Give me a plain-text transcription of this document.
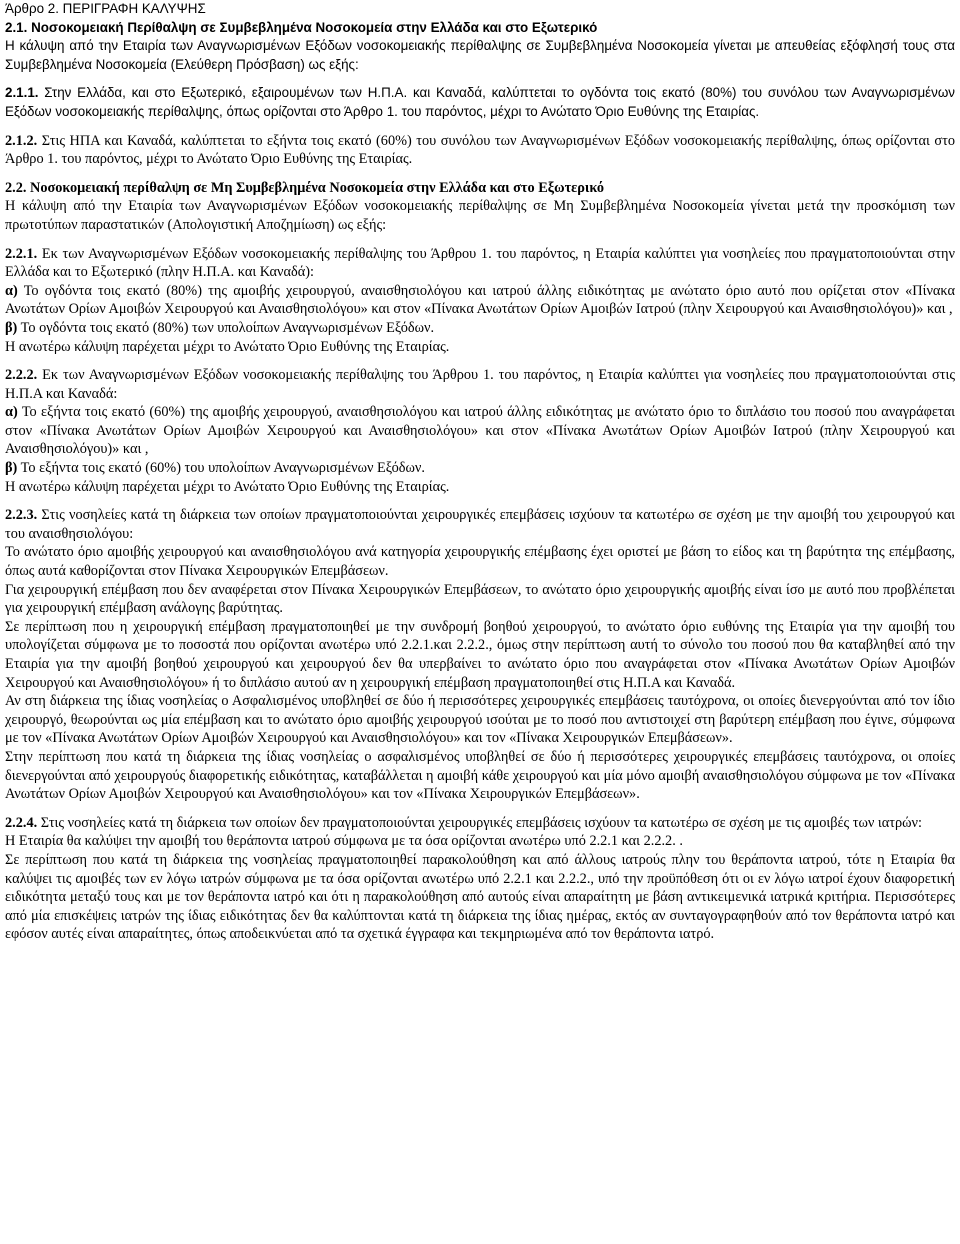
Άρθρο 2. ΠΕΡΙΓΡΑΦΗ ΚΑΛΥΨΗΣ

2.1. Νοσοκομειακή Περίθαλψη σε Συμβεβλημένα Νοσοκομεία στην Ελλάδα και στο Εξωτερικό

Η κάλυψη από την Εταιρία των Αναγνωρισμένων Εξόδων νοσοκομειακής περίθαλψης σε Συμβεβλημένα Νοσοκομεία γίνεται με απευθείας εξόφλησή τους στα Συμβεβλημένα Νοσοκομεία (Ελεύθερη Πρόσβαση) ως εξής:

2.1.1. Στην Ελλάδα, και στο Εξωτερικό, εξαιρουμένων των Η.Π.Α. και Καναδά, καλύπτεται το ογδόντα τοις εκατό (80%) του συνόλου των Αναγνωρισμένων Εξόδων νοσοκομειακής περίθαλψης, όπως ορίζονται στο Άρθρο 1. του παρόντος, μέχρι το Ανώτατο Όριο Ευθύνης της Εταιρίας.

2.1.2. Στις ΗΠΑ και Καναδά, καλύπτεται το εξήντα τοις εκατό (60%) του συνόλου των Αναγνωρισμένων Εξόδων νοσοκομειακής περίθαλψης, όπως ορίζονται στο Άρθρο 1. του παρόντος, μέχρι το Ανώτατο Όριο Ευθύνης της Εταιρίας.

2.2. Νοσοκομειακή περίθαλψη σε Μη Συμβεβλημένα Νοσοκομεία στην Ελλάδα και στο Εξωτερικό

Η κάλυψη από την Εταιρία των Αναγνωρισμένων Εξόδων νοσοκομειακής περίθαλψης σε Μη Συμβεβλημένα Νοσοκομεία γίνεται μετά την προσκόμιση των πρωτοτύπων παραστατικών (Απολογιστική Αποζημίωση) ως εξής:

2.2.1. Εκ των Αναγνωρισμένων Εξόδων νοσοκομειακής περίθαλψης του Άρθρου 1. του παρόντος, η Εταιρία καλύπτει για νοσηλείες που πραγματοποιούνται στην Ελλάδα και το Εξωτερικό (πλην Η.Π.Α. και Καναδά):

α) Το ογδόντα τοις εκατό (80%) της αμοιβής χειρουργού, αναισθησιολόγου και ιατρού άλλης ειδικότητας με ανώτατο όριο αυτό που ορίζεται στον «Πίνακα Ανωτάτων Ορίων Αμοιβών Χειρουργού και Αναισθησιολόγου» και στον «Πίνακα Ανωτάτων Ορίων Αμοιβών Ιατρού (πλην Χειρουργού και Αναισθησιολόγου)» και ,

β) Το ογδόντα τοις εκατό (80%) των υπολοίπων Αναγνωρισμένων Εξόδων.

Η ανωτέρω κάλυψη παρέχεται μέχρι το Ανώτατο Όριο Ευθύνης της Εταιρίας.

2.2.2. Εκ των Αναγνωρισμένων Εξόδων νοσοκομειακής περίθαλψης του Άρθρου 1. του παρόντος, η Εταιρία καλύπτει για νοσηλείες που πραγματοποιούνται στις Η.Π.Α και Καναδά:

α) Το εξήντα τοις εκατό (60%) της αμοιβής χειρουργού, αναισθησιολόγου και ιατρού άλλης ειδικότητας με ανώτατο όριο το διπλάσιο του ποσού που αναγράφεται στον «Πίνακα Ανωτάτων Ορίων Αμοιβών Χειρουργού και Αναισθησιολόγου» και στον «Πίνακα Ανωτάτων Ορίων Αμοιβών Ιατρού (πλην Χειρουργού και Αναισθησιολόγου)» και ,

β) Το εξήντα τοις εκατό (60%) του υπολοίπων Αναγνωρισμένων Εξόδων.

Η ανωτέρω κάλυψη παρέχεται μέχρι το Ανώτατο Όριο Ευθύνης της Εταιρίας.

2.2.3. Στις νοσηλείες κατά τη διάρκεια των οποίων πραγματοποιούνται χειρουργικές επεμβάσεις ισχύουν τα κατωτέρω σε σχέση με την αμοιβή του χειρουργού και του αναισθησιολόγου:

Το ανώτατο όριο αμοιβής χειρουργού και αναισθησιολόγου ανά κατηγορία χειρουργικής επέμβασης έχει οριστεί με βάση το είδος και τη βαρύτητα της επέμβασης, όπως αυτά καθορίζονται στον Πίνακα Χειρουργικών Επεμβάσεων.

Για χειρουργική επέμβαση που δεν αναφέρεται στον Πίνακα Χειρουργικών Επεμβάσεων, το ανώτατο όριο χειρουργικής αμοιβής είναι ίσο με αυτό που προβλέπεται για χειρουργική επέμβαση ανάλογης βαρύτητας.

Σε περίπτωση που η χειρουργική επέμβαση πραγματοποιηθεί με την συνδρομή βοηθού χειρουργού, το ανώτατο όριο ευθύνης της Εταιρία για την αμοιβή του υπολογίζεται σύμφωνα με το ποσοστά που ορίζονται ανωτέρω υπό 2.2.1.και 2.2.2., όμως στην περίπτωση αυτή το σύνολο του ποσού που θα καταβληθεί από την Εταιρία για την αμοιβή βοηθού χειρουργού και χειρουργού δεν θα υπερβαίνει το ανώτατο όριο που αναγράφεται στον «Πίνακα Ανωτάτων Ορίων Αμοιβών Χειρουργού και Αναισθησιολόγου» ή το διπλάσιο αυτού αν η χειρουργική επέμβαση πραγματοποιηθεί στις Η.Π.Α και Καναδά.

Αν στη διάρκεια της ίδιας νοσηλείας ο Ασφαλισμένος υποβληθεί σε δύο ή περισσότερες χειρουργικές επεμβάσεις ταυτόχρονα, οι οποίες διενεργούνται από τον ίδιο χειρουργό, θεωρούνται ως μία επέμβαση και το ανώτατο όριο αμοιβής χειρουργού ισούται με το ποσό που αντιστοιχεί στη βαρύτερη επέμβαση που έγινε, σύμφωνα με τον «Πίνακα Ανωτάτων Ορίων Αμοιβών Χειρουργού και Αναισθησιολόγου» και τον «Πίνακα Χειρουργικών Επεμβάσεων».

Στην περίπτωση που κατά τη διάρκεια της ίδιας νοσηλείας ο ασφαλισμένος υποβληθεί σε δύο ή περισσότερες χειρουργικές επεμβάσεις ταυτόχρονα, οι οποίες διενεργούνται από χειρουργούς διαφορετικής ειδικότητας, καταβάλλεται η αμοιβή κάθε χειρουργού και μία μόνο αμοιβή αναισθησιολόγου σύμφωνα με τον «Πίνακα Ανωτάτων Ορίων Αμοιβών Χειρουργού και Αναισθησιολόγου» και τον «Πίνακα Χειρουργικών Επεμβάσεων».

2.2.4. Στις νοσηλείες κατά τη διάρκεια των οποίων δεν πραγματοποιούνται χειρουργικές επεμβάσεις ισχύουν τα κατωτέρω σε σχέση με τις αμοιβές των ιατρών:

Η Εταιρία θα καλύψει την αμοιβή του θεράποντα ιατρού σύμφωνα με τα όσα ορίζονται ανωτέρω υπό 2.2.1 και 2.2.2. .

Σε περίπτωση που κατά τη διάρκεια της νοσηλείας πραγματοποιηθεί παρακολούθηση και από άλλους ιατρούς πλην του θεράποντα ιατρού, τότε η Εταιρία θα καλύψει τις αμοιβές των εν λόγω ιατρών σύμφωνα με τα όσα ορίζονται ανωτέρω υπό 2.2.1 και 2.2.2., υπό την προϋπόθεση ότι οι εν λόγω ιατροί έχουν διαφορετική ειδικότητα μεταξύ τους και με τον θεράποντα ιατρό και ότι η παρακολούθηση από αυτούς είναι απαραίτητη με βάση αντικειμενικά ιατρικά κριτήρια. Περισσότερες από μία επισκέψεις ιατρών της ίδιας ειδικότητας δεν θα καλύπτονται κατά τη διάρκεια της ίδιας ημέρας, εκτός αν συνταγογραφηθούν από τον θεράποντα ιατρό και εφόσον αυτές είναι απαραίτητες, όπως αποδεικνύεται από τα σχετικά έγγραφα και τεκμηριωμένα από τον θεράποντα ιατρό.
